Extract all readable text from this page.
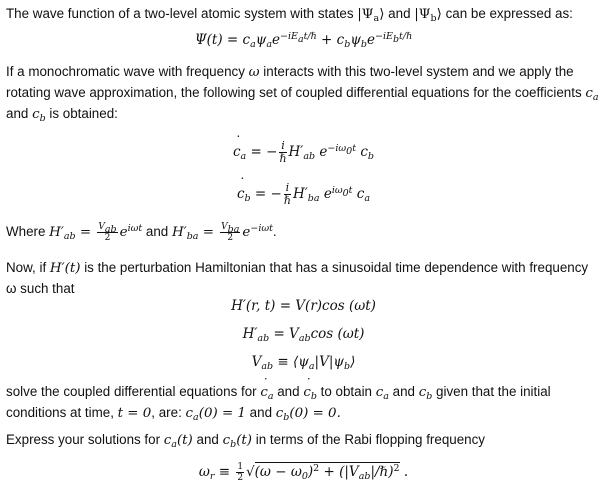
The wave function of a two-level atomic system with states $|\Psi_a⟩$ and $|\Psi_b⟩$ can be expressed as:
$\Psi(t) = c_a\psi_ae^{-iE_at/\hbar} + c_b\psi_be^{-iE_bt/\hbar}$
If a monochromatic wave with frequency ω interacts with this two-level system and we apply the rotating wave approximation, the following set of coupled differential equations for the coefficients $c_a$ and $c_b$ is obtained:
˙ $c_a$ = − $\frac{i}{\text{ℏ}} H'_{ab}$ $e^{-i\omega_0t}$ $c_b$
˙ $c_b$ = − $\frac{i}{\text{ℏ}} H'_{ba}$ $e^{i\omega_0t}$ $c_a$
Where $H'_{ab} = \frac{V_{ab}}{2} e^{i\omega t}$ and $H'_{ba} = \frac{V_{ba}}{2} e^{-i\omega t}$.
Now, if H′(t) is the perturbation Hamiltonian that has a sinusoidal time dependence with frequency ω such that
H′(r, t) = V(r)cos (ωt)
$H'_{ab} = V_{ab}\cos$ (ωt)
$V_{ab}$ ≡ $⟨\psi_a|V|\psi_b⟩$
solve the coupled differential equations for ˙ $c_a$ and ˙ $c_b$ to obtain $c_a$ and $c_b$ given that the initial conditions at time, t = 0, are: $c_a(0) = 1$ and $c_b(0) = 0$.
Express your solutions for $c_a(t)$ and $c_b(t)$ in terms of the Rabi flopping frequency
$\omega_r \equiv \frac{1}{2} √(\omega - \omega_0)^2$ + $(|V_{ab}|/\hbar)^2$ .
